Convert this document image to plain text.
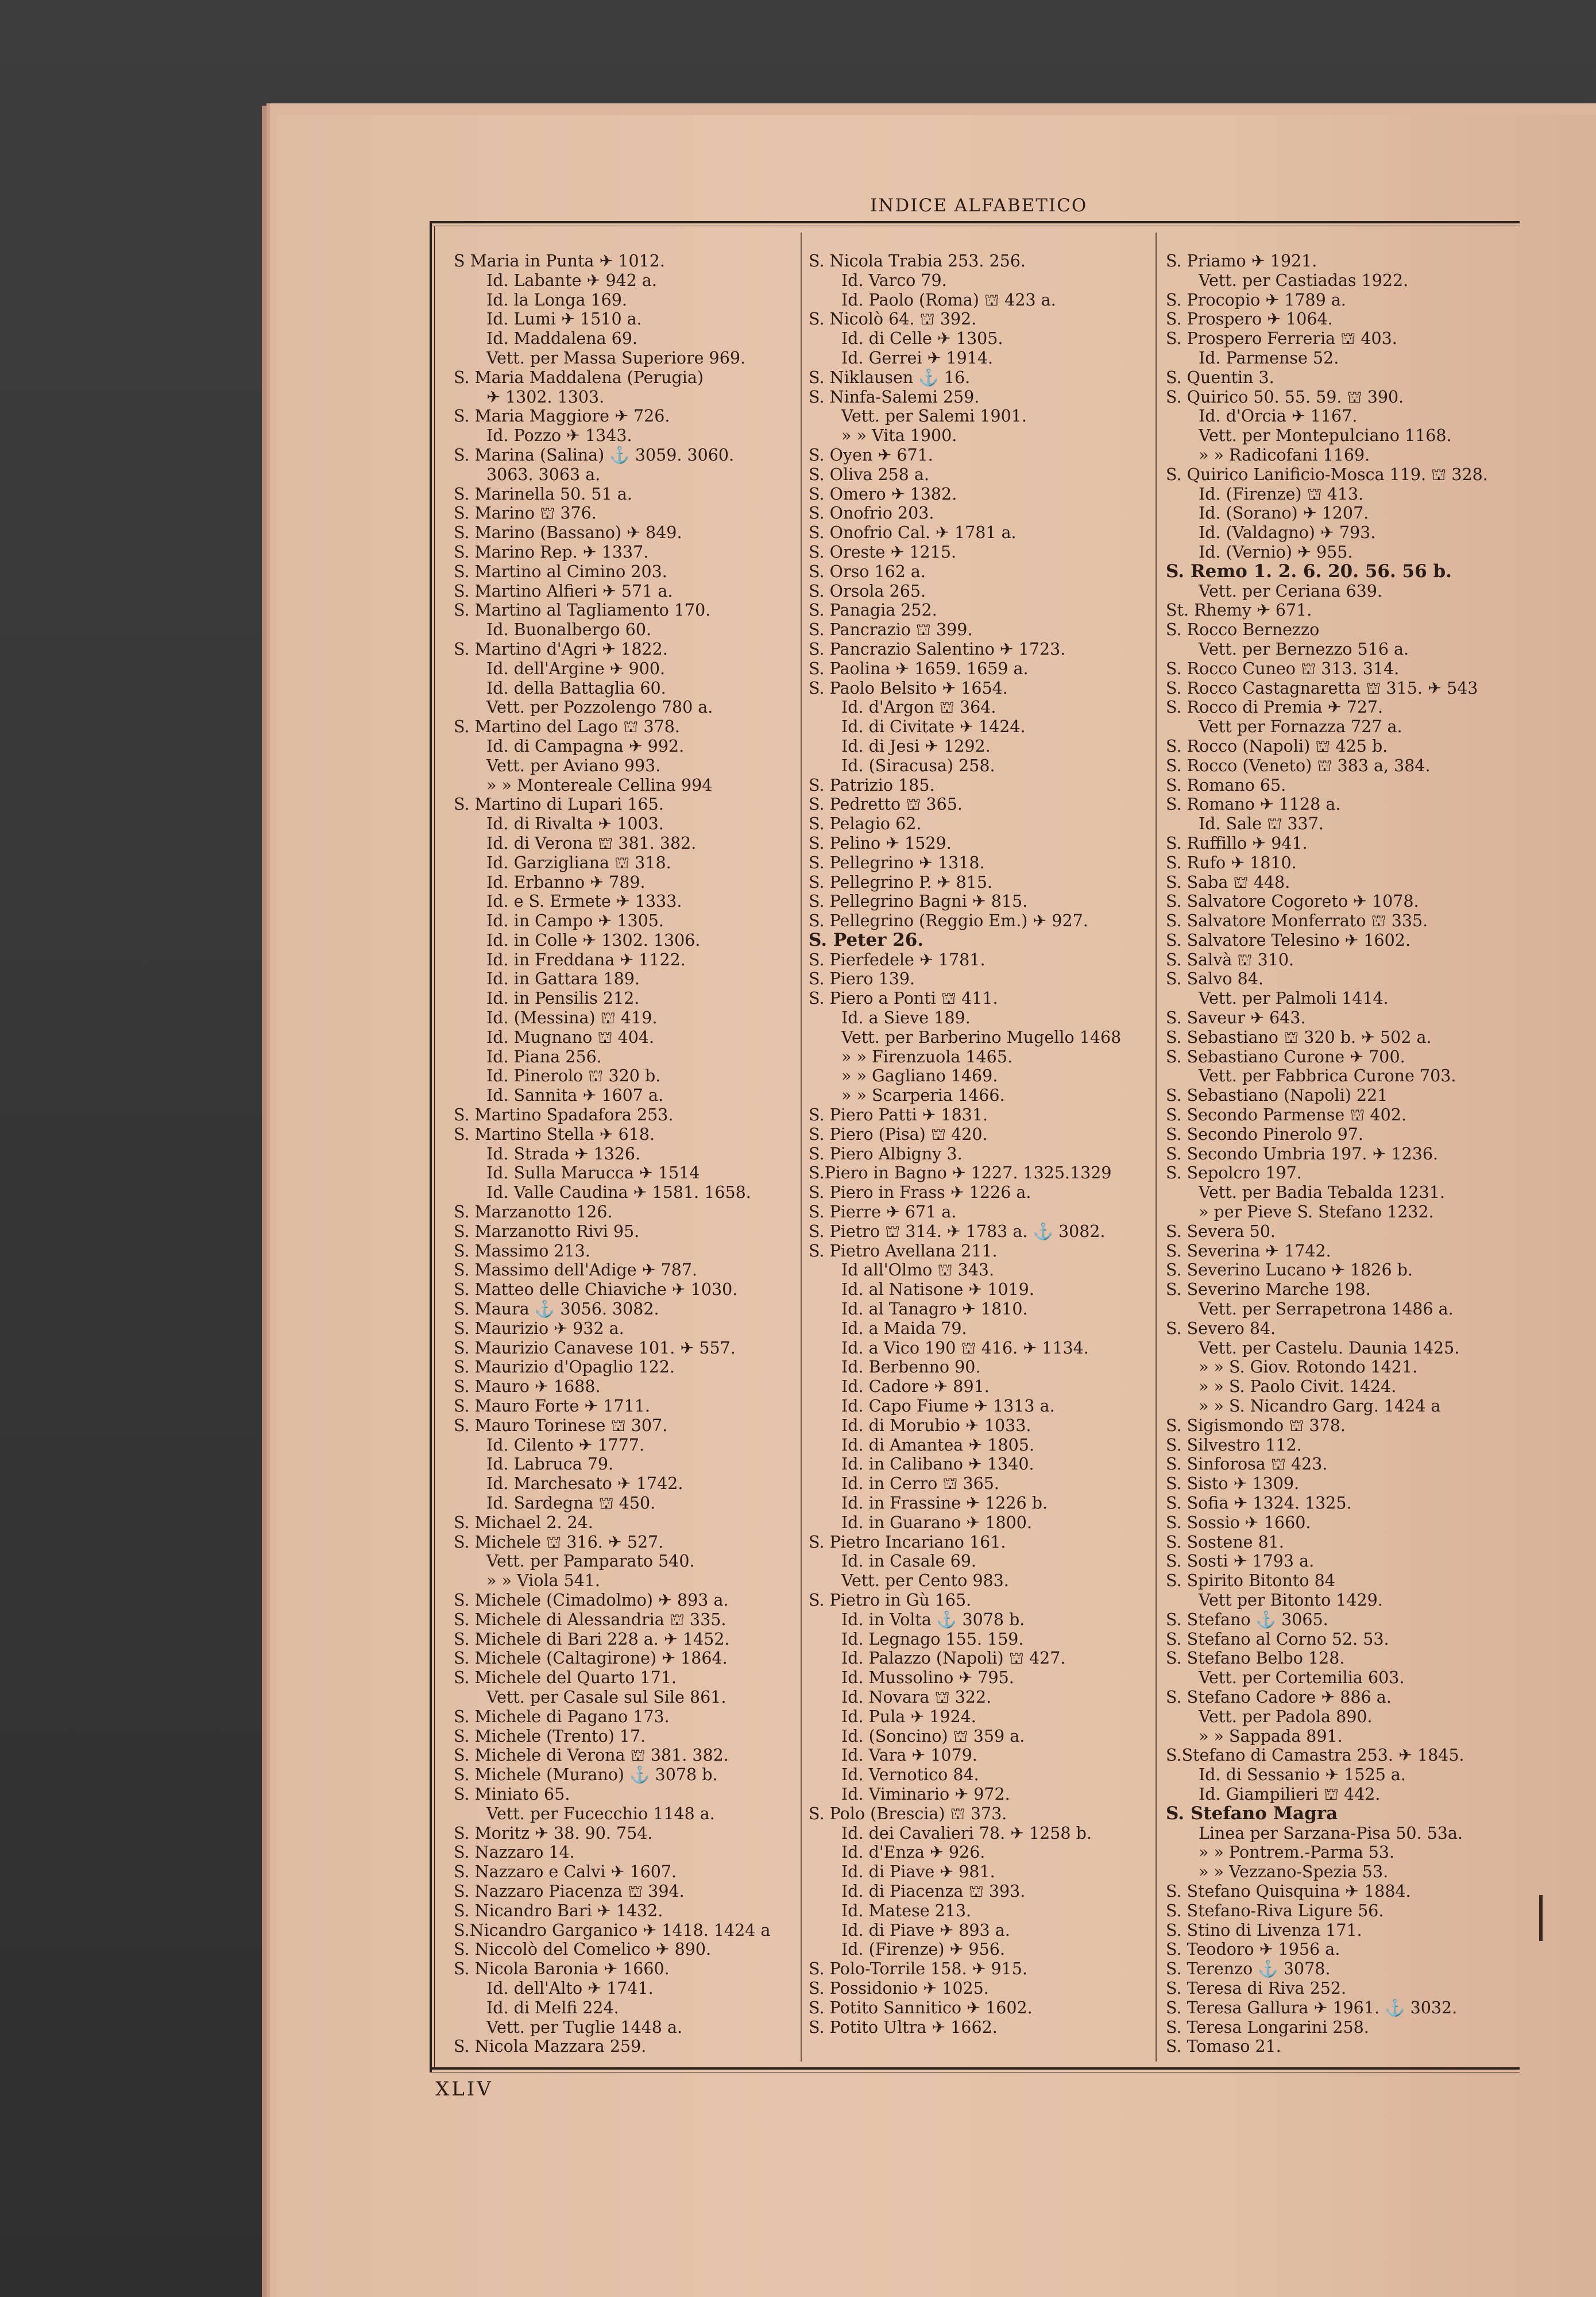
INDICE ALFABETICO
S Maria in Punta ✈ 1012.
  Id. Labante ✈ 942 a.
  Id. la Longa 169.
  Id. Lumi ✈ 1510 a.
  Id. Maddalena 69.
  Vett. per Massa Superiore 969.
S. Maria Maddalena (Perugia)
  ✈ 1302. 1303.
S. Maria Maggiore ✈ 726.
  Id. Pozzo ✈ 1343.
S. Marina (Salina) ⚓ 3059. 3060.
  3063. 3063 a.
S. Marinella 50. 51 a.
S. Marino ⛫ 376.
S. Marino (Bassano) ✈ 849.
S. Marino Rep. ✈ 1337.
S. Martino al Cimino 203.
S. Martino Alfieri ✈ 571 a.
S. Martino al Tagliamento 170.
  Id. Buonalbergo 60.
S. Martino d'Agri ✈ 1822.
  Id. dell'Argine ✈ 900.
  Id. della Battaglia 60.
  Vett. per Pozzolengo 780 a.
S. Martino del Lago ⛫ 378.
  Id. di Campagna ✈ 992.
  Vett. per Aviano 993.
  » » Montereale Cellina 994
S. Martino di Lupari 165.
  Id. di Rivalta ✈ 1003.
  Id. di Verona ⛫ 381. 382.
  Id. Garzigliana ⛫ 318.
  Id. Erbanno ✈ 789.
  Id. e S. Ermete ✈ 1333.
  Id. in Campo ✈ 1305.
  Id. in Colle ✈ 1302. 1306.
  Id. in Freddana ✈ 1122.
  Id. in Gattara 189.
  Id. in Pensilis 212.
  Id. (Messina) ⛫ 419.
  Id. Mugnano ⛫ 404.
  Id. Piana 256.
  Id. Pinerolo ⛫ 320 b.
  Id. Sannita ✈ 1607 a.
S. Martino Spadafora 253.
S. Martino Stella ✈ 618.
  Id. Strada ✈ 1326.
  Id. Sulla Marucca ✈ 1514
  Id. Valle Caudina ✈ 1581. 1658.
S. Marzanotto 126.
S. Marzanotto Rivi 95.
S. Massimo 213.
S. Massimo dell'Adige ✈ 787.
S. Matteo delle Chiaviche ✈ 1030.
S. Maura ⚓ 3056. 3082.
S. Maurizio ✈ 932 a.
S. Maurizio Canavese 101. ✈ 557.
S. Maurizio d'Opaglio 122.
S. Mauro ✈ 1688.
S. Mauro Forte ✈ 1711.
S. Mauro Torinese ⛫ 307.
  Id. Cilento ✈ 1777.
  Id. Labruca 79.
  Id. Marchesato ✈ 1742.
  Id. Sardegna ⛫ 450.
S. Michael 2. 24.
S. Michele ⛫ 316. ✈ 527.
  Vett. per Pamparato 540.
  » » Viola 541.
S. Michele (Cimadolmo) ✈ 893 a.
S. Michele di Alessandria ⛫ 335.
S. Michele di Bari 228 a. ✈ 1452.
S. Michele (Caltagirone) ✈ 1864.
S. Michele del Quarto 171.
  Vett. per Casale sul Sile 861.
S. Michele di Pagano 173.
S. Michele (Trento) 17.
S. Michele di Verona ⛫ 381. 382.
S. Michele (Murano) ⚓ 3078 b.
S. Miniato 65.
  Vett. per Fucecchio 1148 a.
S. Moritz ✈ 38. 90. 754.
S. Nazzaro 14.
S. Nazzaro e Calvi ✈ 1607.
S. Nazzaro Piacenza ⛫ 394.
S. Nicandro Bari ✈ 1432.
S.Nicandro Garganico ✈ 1418. 1424 a
S. Niccolò del Comelico ✈ 890.
S. Nicola Baronia ✈ 1660.
  Id. dell'Alto ✈ 1741.
  Id. di Melfi 224.
  Vett. per Tuglie 1448 a.
S. Nicola Mazzara 259.
S. Nicola Trabia 253. 256.
  Id. Varco 79.
  Id. Paolo (Roma) ⛫ 423 a.
S. Nicolò 64. ⛫ 392.
  Id. di Celle ✈ 1305.
  Id. Gerrei ✈ 1914.
S. Niklausen ⚓ 16.
S. Ninfa-Salemi 259.
  Vett. per Salemi 1901.
  » » Vita 1900.
S. Oyen ✈ 671.
S. Oliva 258 a.
S. Omero ✈ 1382.
S. Onofrio 203.
S. Onofrio Cal. ✈ 1781 a.
S. Oreste ✈ 1215.
S. Orso 162 a.
S. Orsola 265.
S. Panagia 252.
S. Pancrazio ⛫ 399.
S. Pancrazio Salentino ✈ 1723.
S. Paolina ✈ 1659. 1659 a.
S. Paolo Belsito ✈ 1654.
  Id. d'Argon ⛫ 364.
  Id. di Civitate ✈ 1424.
  Id. di Jesi ✈ 1292.
  Id. (Siracusa) 258.
S. Patrizio 185.
S. Pedretto ⛫ 365.
S. Pelagio 62.
S. Pelino ✈ 1529.
S. Pellegrino ✈ 1318.
S. Pellegrino P. ✈ 815.
S. Pellegrino Bagni ✈ 815.
S. Pellegrino (Reggio Em.) ✈ 927.
S. Peter 26.
S. Pierfedele ✈ 1781.
S. Piero 139.
S. Piero a Ponti ⛫ 411.
  Id. a Sieve 189.
  Vett. per Barberino Mugello 1468
  » » Firenzuola 1465.
  » » Gagliano 1469.
  » » Scarperia 1466.
S. Piero Patti ✈ 1831.
S. Piero (Pisa) ⛫ 420.
S. Piero Albigny 3.
S.Piero in Bagno ✈ 1227. 1325.1329
S. Piero in Frass ✈ 1226 a.
S. Pierre ✈ 671 a.
S. Pietro ⛫ 314. ✈ 1783 a. ⚓ 3082.
S. Pietro Avellana 211.
  Id all'Olmo ⛫ 343.
  Id. al Natisone ✈ 1019.
  Id. al Tanagro ✈ 1810.
  Id. a Maida 79.
  Id. a Vico 190 ⛫ 416. ✈ 1134.
  Id. Berbenno 90.
  Id. Cadore ✈ 891.
  Id. Capo Fiume ✈ 1313 a.
  Id. di Morubio ✈ 1033.
  Id. di Amantea ✈ 1805.
  Id. in Calibano ✈ 1340.
  Id. in Cerro ⛫ 365.
  Id. in Frassine ✈ 1226 b.
  Id. in Guarano ✈ 1800.
S. Pietro Incariano 161.
  Id. in Casale 69.
  Vett. per Cento 983.
S. Pietro in Gù 165.
  Id. in Volta ⚓ 3078 b.
  Id. Legnago 155. 159.
  Id. Palazzo (Napoli) ⛫ 427.
  Id. Mussolino ✈ 795.
  Id. Novara ⛫ 322.
  Id. Pula ✈ 1924.
  Id. (Soncino) ⛫ 359 a.
  Id. Vara ✈ 1079.
  Id. Vernotico 84.
  Id. Viminario ✈ 972.
S. Polo (Brescia) ⛫ 373.
  Id. dei Cavalieri 78. ✈ 1258 b.
  Id. d'Enza ✈ 926.
  Id. di Piave ✈ 981.
  Id. di Piacenza ⛫ 393.
  Id. Matese 213.
  Id. di Piave ✈ 893 a.
  Id. (Firenze) ✈ 956.
S. Polo-Torrile 158. ✈ 915.
S. Possidonio ✈ 1025.
S. Potito Sannitico ✈ 1602.
S. Potito Ultra ✈ 1662.
S. Priamo ✈ 1921.
  Vett. per Castiadas 1922.
S. Procopio ✈ 1789 a.
S. Prospero ✈ 1064.
S. Prospero Ferreria ⛫ 403.
  Id. Parmense 52.
S. Quentin 3.
S. Quirico 50. 55. 59. ⛫ 390.
  Id. d'Orcia ✈ 1167.
  Vett. per Montepulciano 1168.
  » » Radicofani 1169.
S. Quirico Lanificio-Mosca 119. ⛫ 328.
  Id. (Firenze) ⛫ 413.
  Id. (Sorano) ✈ 1207.
  Id. (Valdagno) ✈ 793.
  Id. (Vernio) ✈ 955.
S. Remo 1. 2. 6. 20. 56. 56 b.
  Vett. per Ceriana 639.
St. Rhemy ✈ 671.
S. Rocco Bernezzo
  Vett. per Bernezzo 516 a.
S. Rocco Cuneo ⛫ 313. 314.
S. Rocco Castagnaretta ⛫ 315. ✈ 543
S. Rocco di Premia ✈ 727.
  Vett per Fornazza 727 a.
S. Rocco (Napoli) ⛫ 425 b.
S. Rocco (Veneto) ⛫ 383 a, 384.
S. Romano 65.
S. Romano ✈ 1128 a.
  Id. Sale ⛫ 337.
S. Ruffillo ✈ 941.
S. Rufo ✈ 1810.
S. Saba ⛫ 448.
S. Salvatore Cogoreto ✈ 1078.
S. Salvatore Monferrato ⛫ 335.
S. Salvatore Telesino ✈ 1602.
S. Salvà ⛫ 310.
S. Salvo 84.
  Vett. per Palmoli 1414.
S. Saveur ✈ 643.
S. Sebastiano ⛫ 320 b. ✈ 502 a.
S. Sebastiano Curone ✈ 700.
  Vett. per Fabbrica Curone 703.
S. Sebastiano (Napoli) 221
S. Secondo Parmense ⛫ 402.
S. Secondo Pinerolo 97.
S. Secondo Umbria 197. ✈ 1236.
S. Sepolcro 197.
  Vett. per Badia Tebalda 1231.
  » per Pieve S. Stefano 1232.
S. Severa 50.
S. Severina ✈ 1742.
S. Severino Lucano ✈ 1826 b.
S. Severino Marche 198.
  Vett. per Serrapetrona 1486 a.
S. Severo 84.
  Vett. per Castelu. Daunia 1425.
  » » S. Giov. Rotondo 1421.
  » » S. Paolo Civit. 1424.
  » » S. Nicandro Garg. 1424 a
S. Sigismondo ⛫ 378.
S. Silvestro 112.
S. Sinforosa ⛫ 423.
S. Sisto ✈ 1309.
S. Sofia ✈ 1324. 1325.
S. Sossio ✈ 1660.
S. Sostene 81.
S. Sosti ✈ 1793 a.
S. Spirito Bitonto 84
  Vett per Bitonto 1429.
S. Stefano ⚓ 3065.
S. Stefano al Corno 52. 53.
S. Stefano Belbo 128.
  Vett. per Cortemilia 603.
S. Stefano Cadore ✈ 886 a.
  Vett. per Padola 890.
  » » Sappada 891.
S.Stefano di Camastra 253. ✈ 1845.
  Id. di Sessanio ✈ 1525 a.
  Id. Giampilieri ⛫ 442.
S. Stefano Magra
  Linea per Sarzana-Pisa 50. 53a.
  » » Pontrem.-Parma 53.
  » » Vezzano-Spezia 53.
S. Stefano Quisquina ✈ 1884.
S. Stefano-Riva Ligure 56.
S. Stino di Livenza 171.
S. Teodoro ✈ 1956 a.
S. Terenzo ⚓ 3078.
S. Teresa di Riva 252.
S. Teresa Gallura ✈ 1961. ⚓ 3032.
S. Teresa Longarini 258.
S. Tomaso 21.
XLIV
